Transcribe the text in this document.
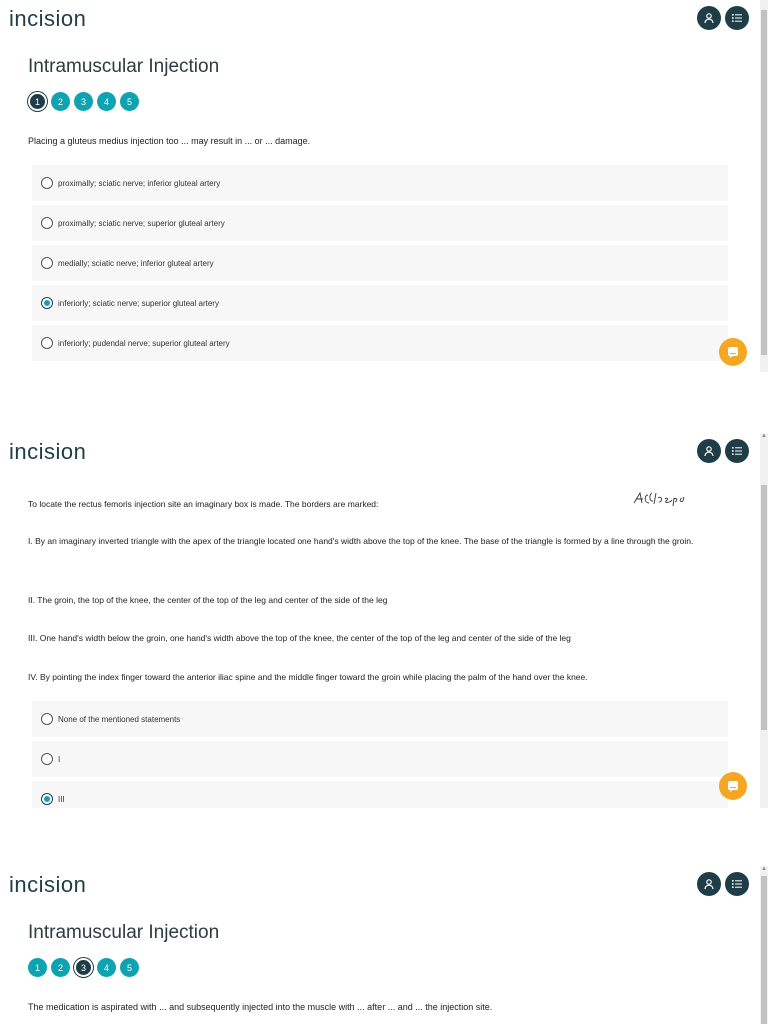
incision
Intramuscular Injection
1	2	3	4	5
Placing a gluteus medius injection too ... may result in ... or ... damage.
proximally; sciatic nerve; inferior gluteal artery
proximally; sciatic nerve; superior gluteal artery
medially; sciatic nerve; inferior gluteal artery
inferiorly; sciatic nerve; superior gluteal artery
inferiorly; pudendal nerve; superior gluteal artery
incision
To locate the rectus femoris injection site an imaginary box is made. The borders are marked:
I. By an imaginary inverted triangle with the apex of the triangle located one hand's width above the top of the knee. The base of the triangle is formed by a line through the groin.
II. The groin, the top of the knee, the center of the top of the leg and center of the side of the leg
III. One hand's width below the groin, one hand's width above the top of the knee, the center of the top of the leg and center of the side of the leg
IV. By pointing the index finger toward the anterior iliac spine and the middle finger toward the groin while placing the palm of the hand over the knee.
None of the mentioned statements
I
III
▲
incision
Intramuscular Injection
1	2	3	4	5
The medication is aspirated with ... and subsequently injected into the muscle with ... after ... and ... the injection site.
▲
